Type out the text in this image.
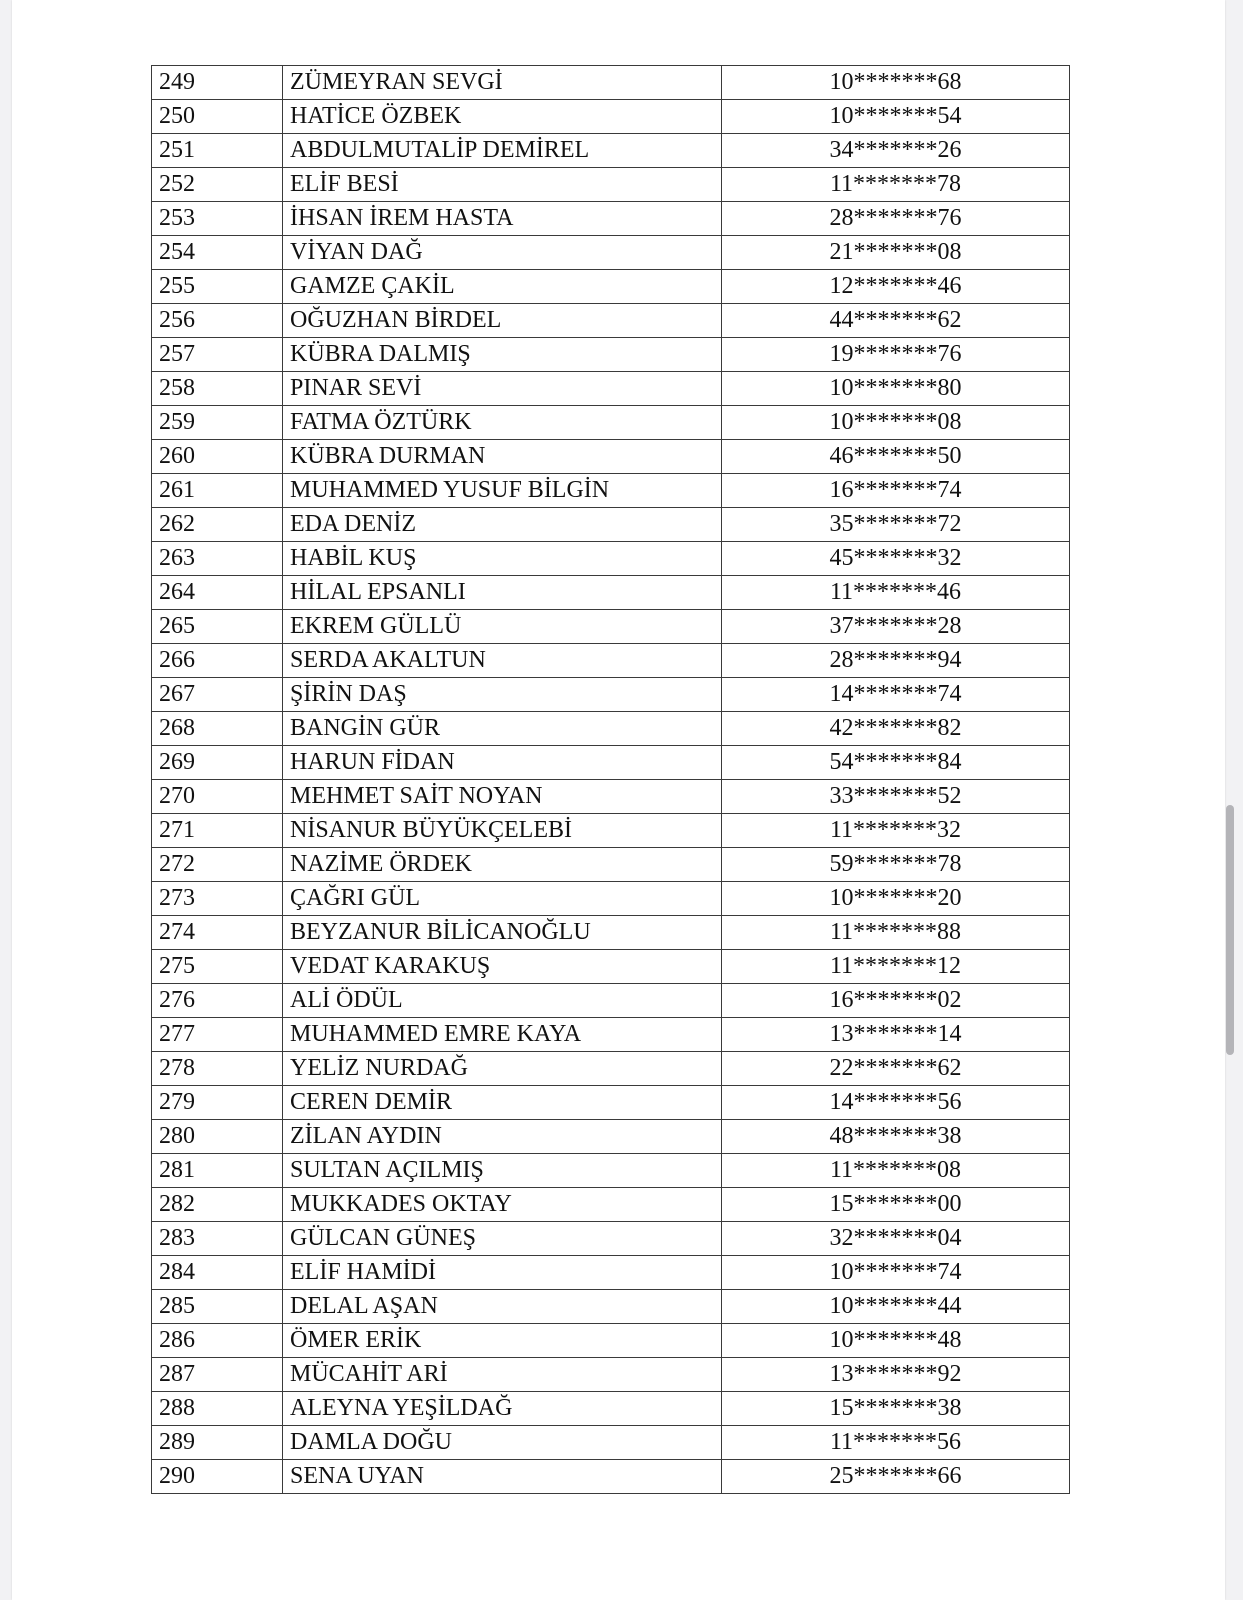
249	ZÜMEYRAN SEVGİ	10*******68
250	HATİCE ÖZBEK	10*******54
251	ABDULMUTALİP DEMİREL	34*******26
252	ELİF BESİ	11*******78
253	İHSAN İREM HASTA	28*******76
254	VİYAN DAĞ	21*******08
255	GAMZE ÇAKİL	12*******46
256	OĞUZHAN BİRDEL	44*******62
257	KÜBRA DALMIŞ	19*******76
258	PINAR SEVİ	10*******80
259	FATMA ÖZTÜRK	10*******08
260	KÜBRA DURMAN	46*******50
261	MUHAMMED YUSUF BİLGİN	16*******74
262	EDA DENİZ	35*******72
263	HABİL KUŞ	45*******32
264	HİLAL EPSANLI	11*******46
265	EKREM GÜLLÜ	37*******28
266	SERDA AKALTUN	28*******94
267	ŞİRİN DAŞ	14*******74
268	BANGİN GÜR	42*******82
269	HARUN FİDAN	54*******84
270	MEHMET SAİT NOYAN	33*******52
271	NİSANUR BÜYÜKÇELEBİ	11*******32
272	NAZİME ÖRDEK	59*******78
273	ÇAĞRI GÜL	10*******20
274	BEYZANUR BİLİCANOĞLU	11*******88
275	VEDAT KARAKUŞ	11*******12
276	ALİ ÖDÜL	16*******02
277	MUHAMMED EMRE KAYA	13*******14
278	YELİZ NURDAĞ	22*******62
279	CEREN DEMİR	14*******56
280	ZİLAN AYDIN	48*******38
281	SULTAN AÇILMIŞ	11*******08
282	MUKKADES OKTAY	15*******00
283	GÜLCAN GÜNEŞ	32*******04
284	ELİF HAMİDİ	10*******74
285	DELAL AŞAN	10*******44
286	ÖMER ERİK	10*******48
287	MÜCAHİT ARİ	13*******92
288	ALEYNA YEŞİLDAĞ	15*******38
289	DAMLA DOĞU	11*******56
290	SENA UYAN	25*******66
